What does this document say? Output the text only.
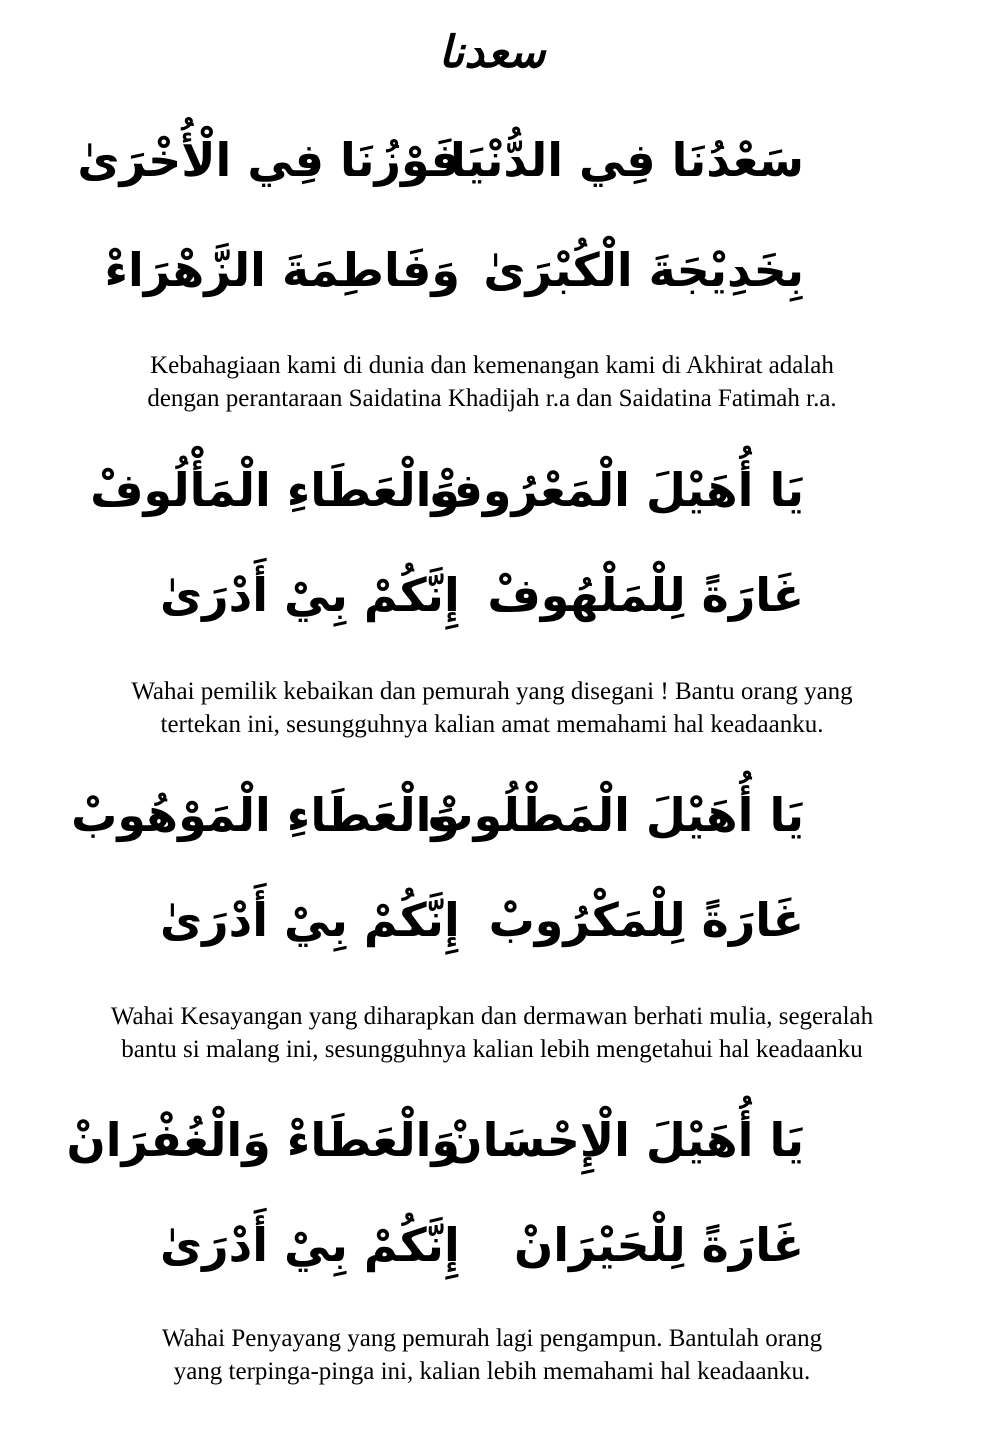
سعدنا
سَعْدُنَا فِي الدُّنْيَا
فَوْزُنَا فِي الْأُخْرَىٰ
بِخَدِيْجَةَ الْكُبْرَىٰ
وَفَاطِمَةَ الزَّهْرَاءْ
Kebahagiaan kami di dunia dan kemenangan kami di Akhirat adalah
dengan perantaraan Saidatina Khadijah r.a dan Saidatina Fatimah r.a.
يَا أُهَيْلَ الْمَعْرُوفْ
وَالْعَطَاءِ الْمَأْلُوفْ
غَارَةً لِلْمَلْهُوفْ
إِنَّكُمْ بِيْ أَدْرَىٰ
Wahai pemilik kebaikan dan pemurah yang disegani ! Bantu orang yang
tertekan ini, sesungguhnya kalian amat memahami hal keadaanku.
يَا أُهَيْلَ الْمَطْلُوبْ
وَالْعَطَاءِ الْمَوْهُوبْ
غَارَةً لِلْمَكْرُوبْ
إِنَّكُمْ بِيْ أَدْرَىٰ
Wahai Kesayangan yang diharapkan dan dermawan berhati mulia, segeralah
bantu si malang ini, sesungguhnya kalian lebih mengetahui hal keadaanku
يَا أُهَيْلَ الْإِحْسَانْ
وَالْعَطَاءْ وَالْغُفْرَانْ
غَارَةً لِلْحَيْرَانْ
إِنَّكُمْ بِيْ أَدْرَىٰ
Wahai Penyayang yang pemurah lagi pengampun. Bantulah orang
yang terpinga-pinga ini, kalian lebih memahami hal keadaanku.
